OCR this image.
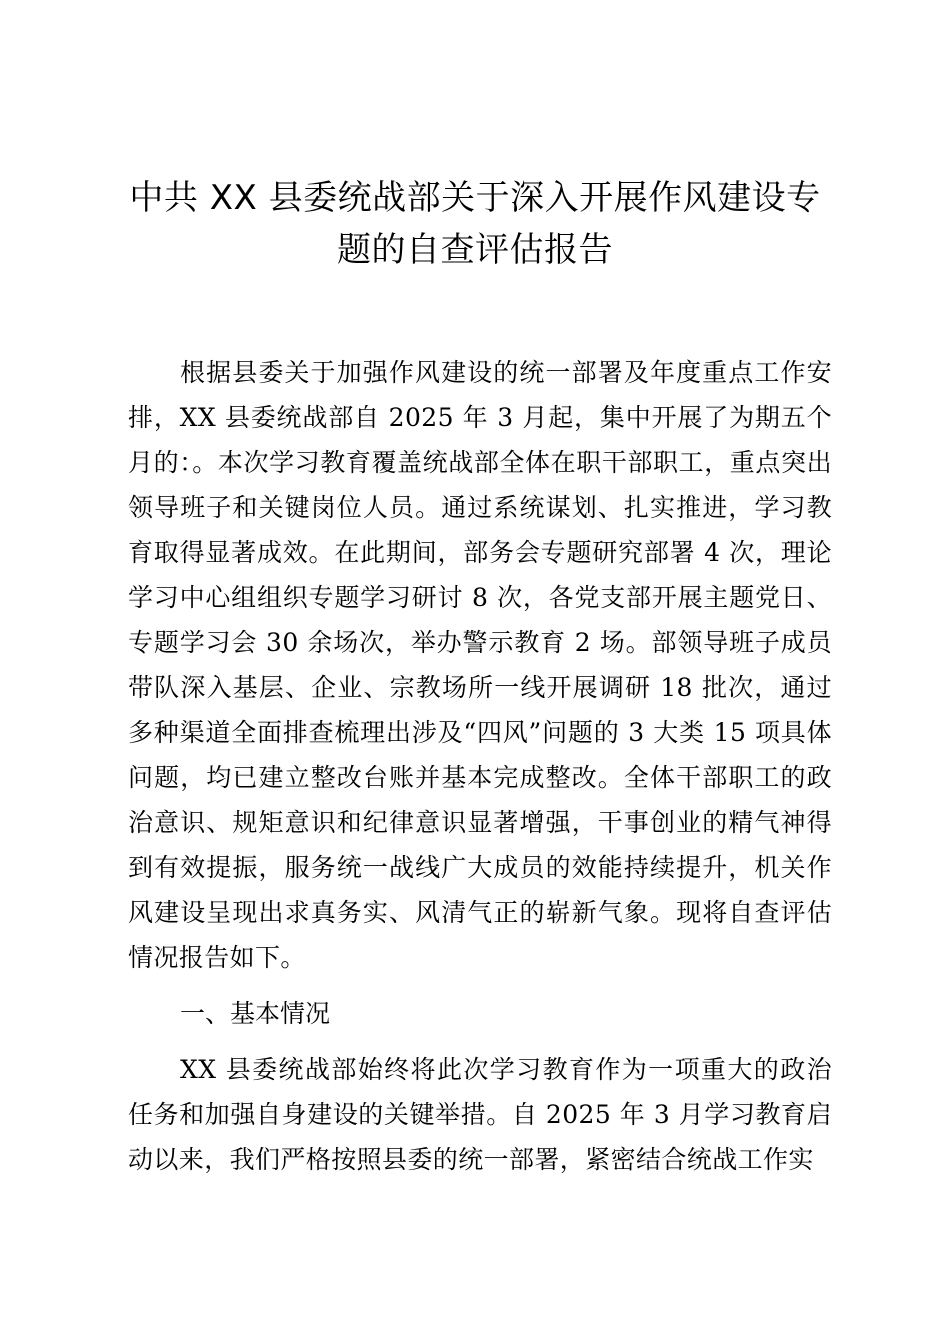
中共 XX 县委统战部关于深入开展作风建设专题的自查评估报告

根据县委关于加强作风建设的统一部署及年度重点工作安排，XX 县委统战部自 2025 年 3 月起，集中开展了为期五个月的：。本次学习教育覆盖统战部全体在职干部职工，重点突出领导班子和关键岗位人员。通过系统谋划、扎实推进，学习教育取得显著成效。在此期间，部务会专题研究部署 4 次，理论学习中心组组织专题学习研讨 8 次，各党支部开展主题党日、专题学习会 30 余场次，举办警示教育 2 场。部领导班子成员带队深入基层、企业、宗教场所一线开展调研 18 批次，通过多种渠道全面排查梳理出涉及“四风”问题的 3 大类 15 项具体问题，均已建立整改台账并基本完成整改。全体干部职工的政治意识、规矩意识和纪律意识显著增强，干事创业的精气神得到有效提振，服务统一战线广大成员的效能持续提升，机关作风建设呈现出求真务实、风清气正的崭新气象。现将自查评估情况报告如下。

一、基本情况

XX 县委统战部始终将此次学习教育作为一项重大的政治任务和加强自身建设的关键举措。自 2025 年 3 月学习教育启动以来，我们严格按照县委的统一部署，紧密结合统战工作实
